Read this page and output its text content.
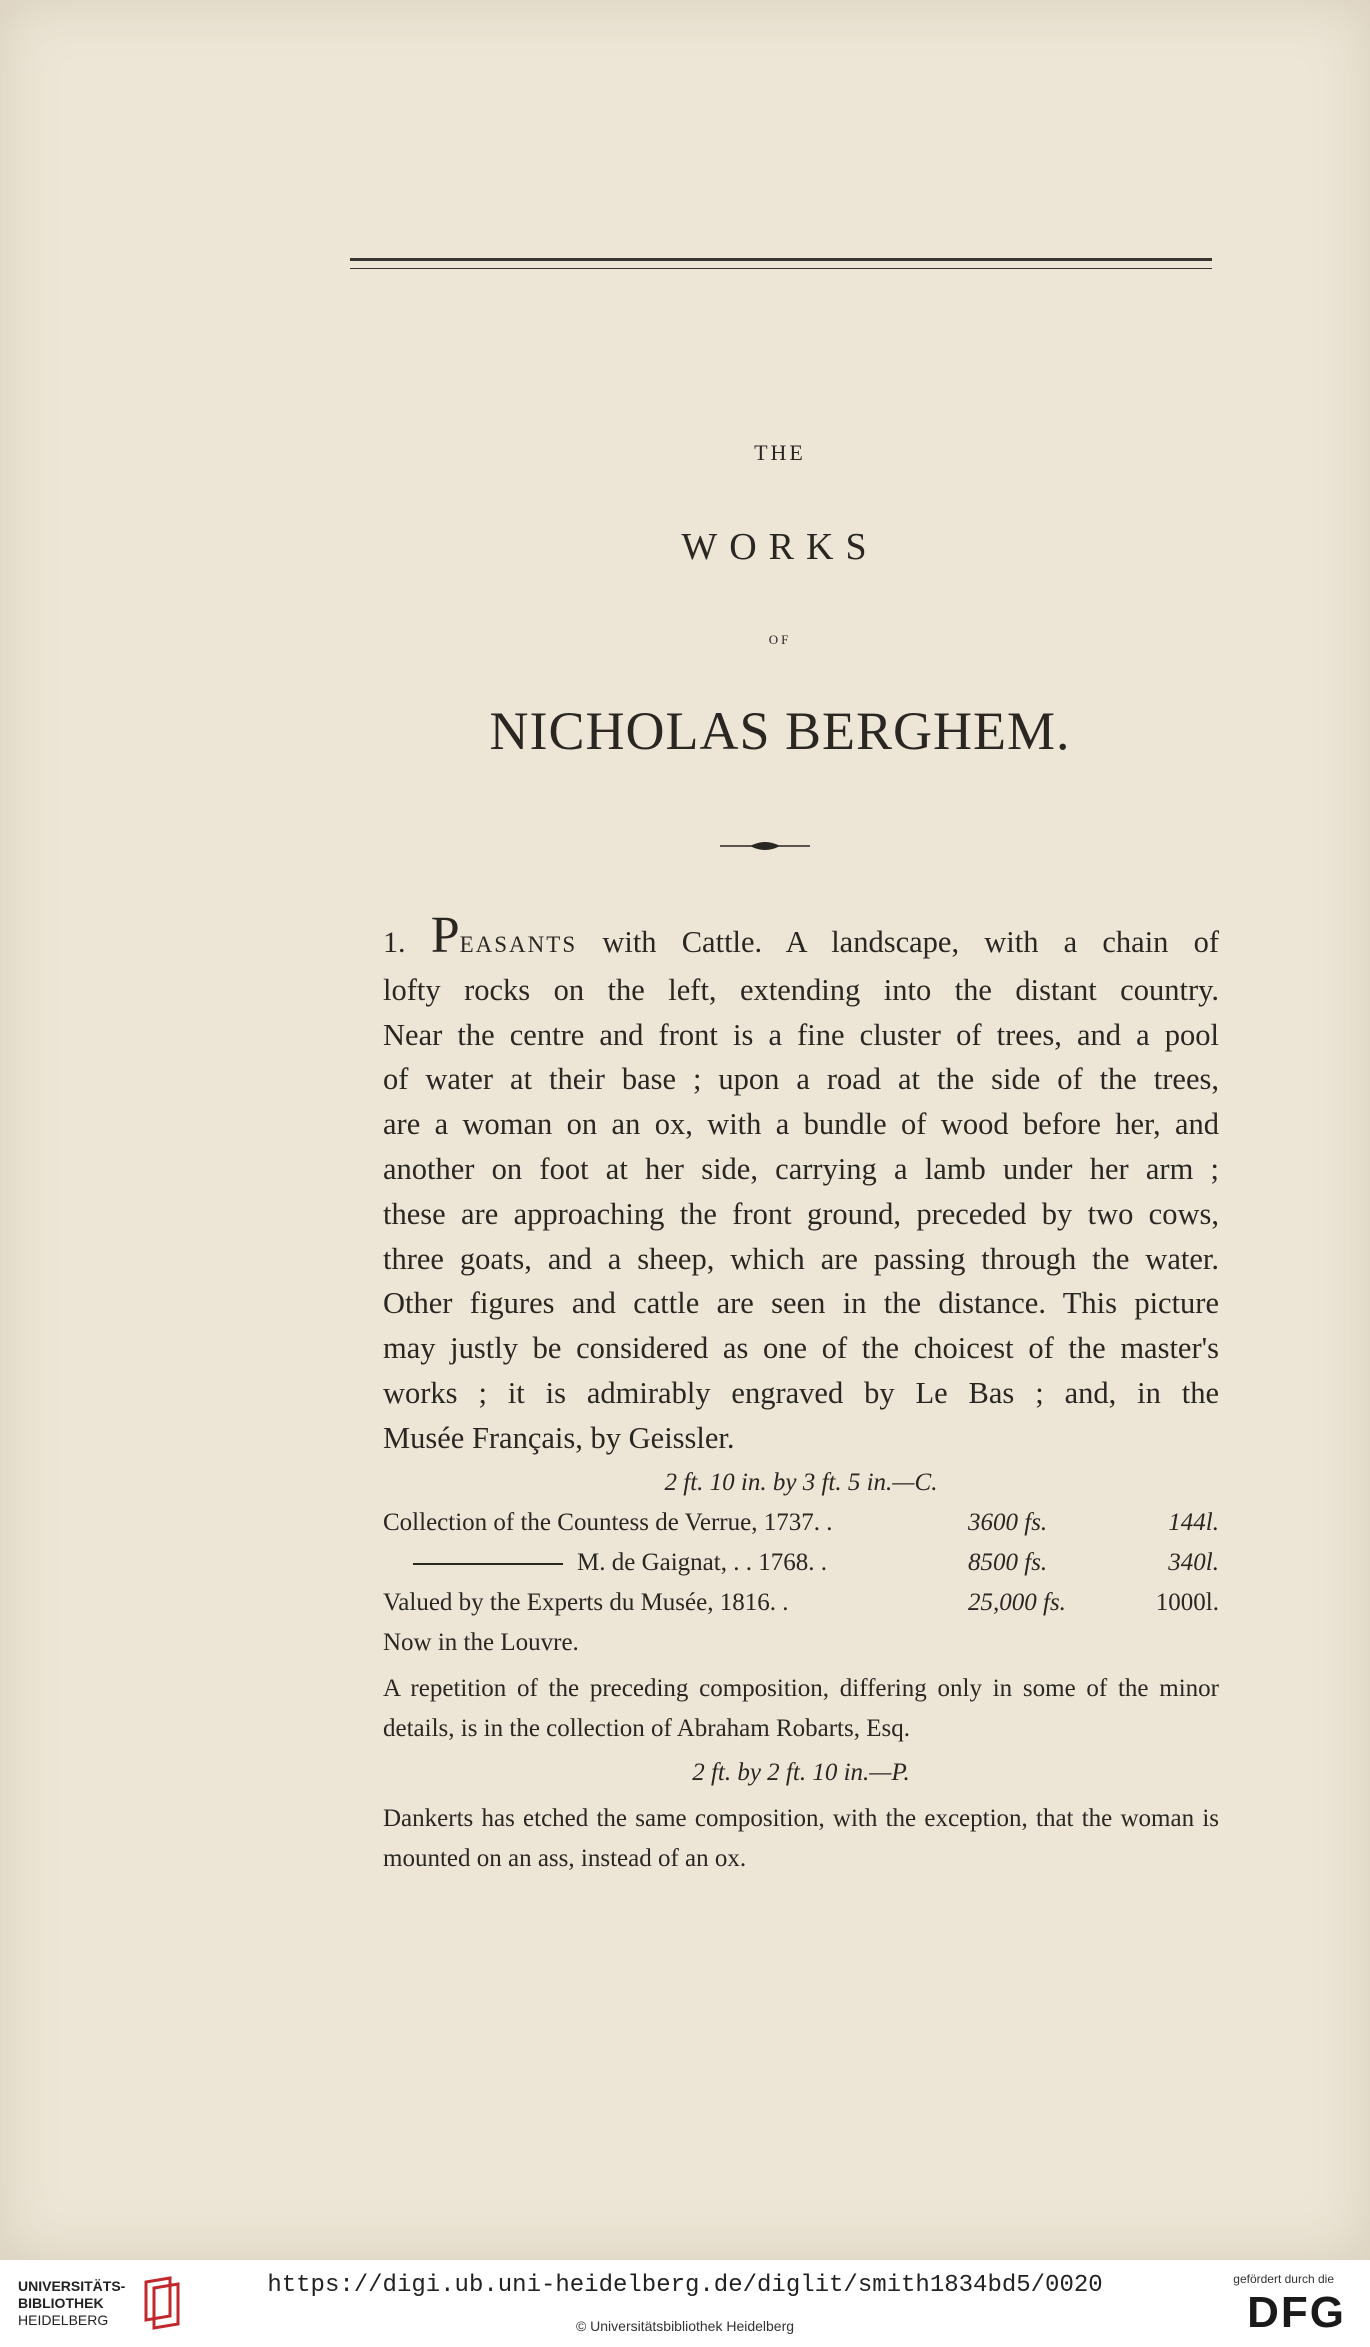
THE
WORKS
OF
NICHOLAS BERGHEM.
1. PEASANTS with Cattle. A landscape, with a chain of
lofty rocks on the left, extending into the distant country.
Near the centre and front is a fine cluster of trees, and a pool
of water at their base ; upon a road at the side of the trees,
are a woman on an ox, with a bundle of wood before her, and
another on foot at her side, carrying a lamb under her arm ;
these are approaching the front ground, preceded by two cows,
three goats, and a sheep, which are passing through the water.
Other figures and cattle are seen in the distance. This picture
may justly be considered as one of the choicest of the master's
works ; it is admirably engraved by Le Bas ; and, in the
Musée Français, by Geissler.

2 ft. 10 in. by 3 ft. 5 in.—C.

Collection of the Countess de Verrue, 1737. .	3600 fs.	144l.
M. de Gaignat, . . 1768. .	8500 fs.	340l.
Valued by the Experts du Musée, 1816. .	25,000 fs.	1000l.

Now in the Louvre.

A repetition of the preceding composition, differing only in some of the minor details, is in the collection of Abraham Robarts, Esq.

2 ft. by 2 ft. 10 in.—P.

Dankerts has etched the same composition, with the exception, that the woman is mounted on an ass, instead of an ox.

UNIVERSITÄTS-
BIBLIOTHEK
HEIDELBERG
https://digi.ub.uni-heidelberg.de/diglit/smith1834bd5/0020
© Universitätsbibliothek Heidelberg
gefördert durch die
DFG
